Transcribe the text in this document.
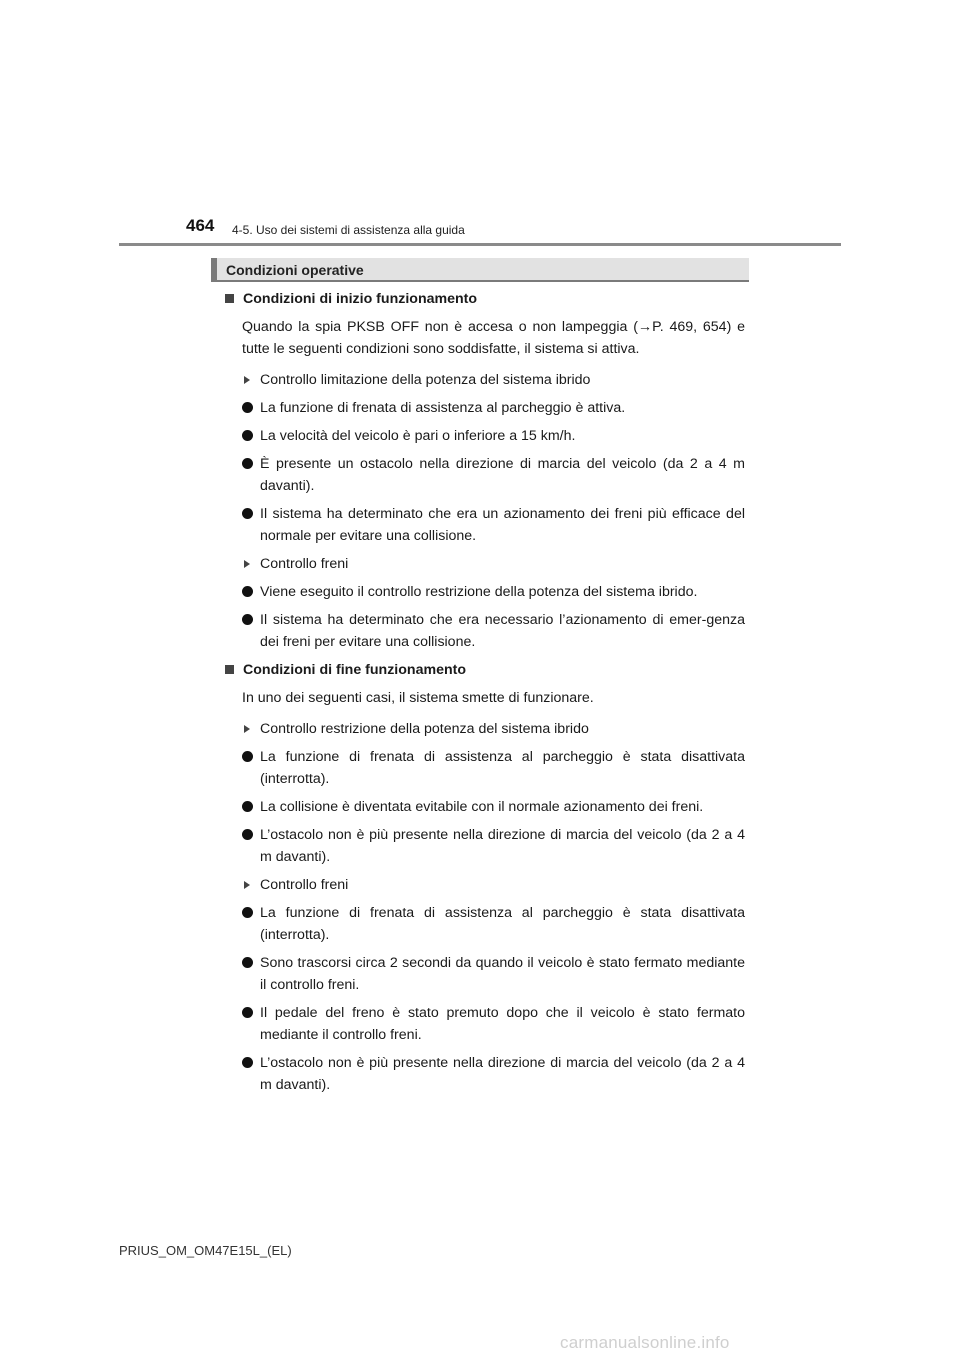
464 4-5. Uso dei sistemi di assistenza alla guida
Condizioni operative
Condizioni di inizio funzionamento

Quando la spia PKSB OFF non è accesa o non lampeggia (→P. 469, 654) e tutte le seguenti condizioni sono soddisfatte, il sistema si attiva.

Controllo limitazione della potenza del sistema ibrido
La funzione di frenata di assistenza al parcheggio è attiva.
La velocità del veicolo è pari o inferiore a 15 km/h.
È presente un ostacolo nella direzione di marcia del veicolo (da 2 a 4 m davanti).
Il sistema ha determinato che era un azionamento dei freni più efficace del normale per evitare una collisione.
Controllo freni
Viene eseguito il controllo restrizione della potenza del sistema ibrido.
Il sistema ha determinato che era necessario l’azionamento di emer-genza dei freni per evitare una collisione.
Condizioni di fine funzionamento

In uno dei seguenti casi, il sistema smette di funzionare.

Controllo restrizione della potenza del sistema ibrido
La funzione di frenata di assistenza al parcheggio è stata disattivata (interrotta).
La collisione è diventata evitabile con il normale azionamento dei freni.
L’ostacolo non è più presente nella direzione di marcia del veicolo (da 2 a 4 m davanti).
Controllo freni
La funzione di frenata di assistenza al parcheggio è stata disattivata (interrotta).
Sono trascorsi circa 2 secondi da quando il veicolo è stato fermato mediante il controllo freni.
Il pedale del freno è stato premuto dopo che il veicolo è stato fermato mediante il controllo freni.
L’ostacolo non è più presente nella direzione di marcia del veicolo (da 2 a 4 m davanti).
PRIUS_OM_OM47E15L_(EL)
carmanualsonline.info
